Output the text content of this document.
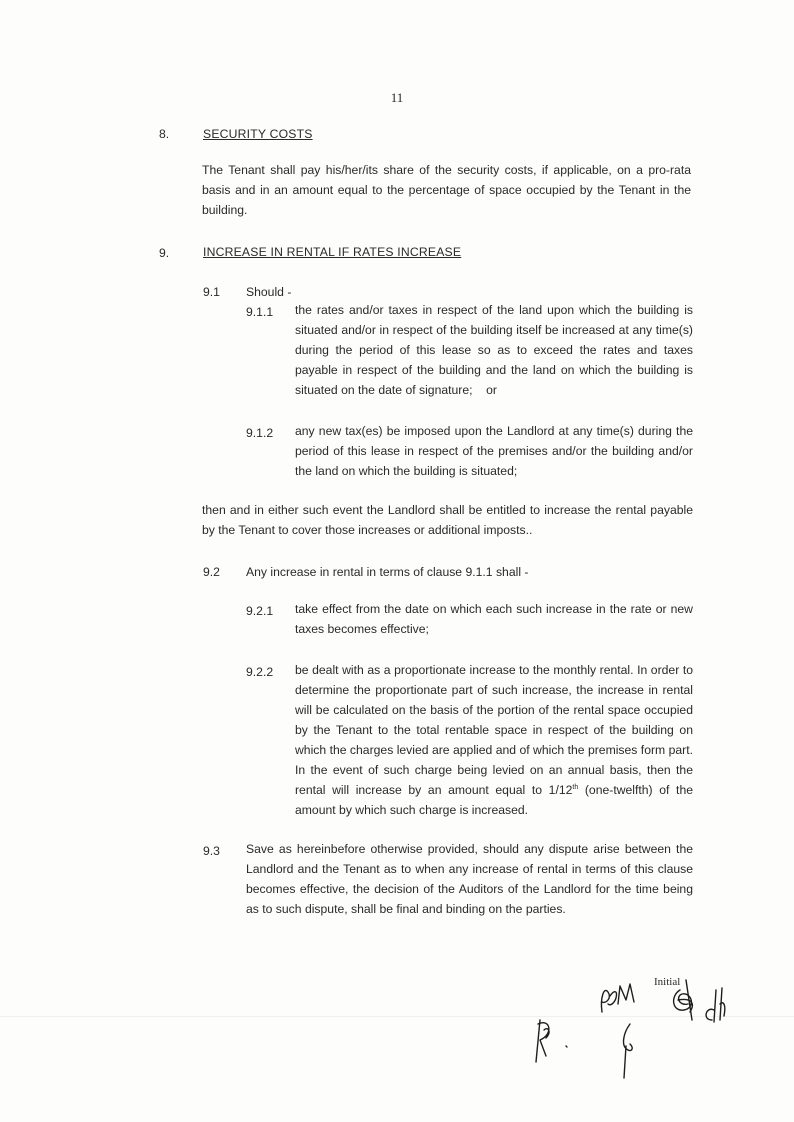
11
8.	SECURITY COSTS

The Tenant shall pay his/her/its share of the security costs, if applicable, on a pro-rata basis and in an amount equal to the percentage of space occupied by the Tenant in the building.

9.	INCREASE IN RENTAL IF RATES INCREASE
9.1 Should -
9.1.1 the rates and/or taxes in respect of the land upon which the building is situated and/or in respect of the building itself be increased at any time(s) during the period of this lease so as to exceed the rates and taxes payable in respect of the building and the land on which the building is situated on the date of signature; or

9.1.2 any new tax(es) be imposed upon the Landlord at any time(s) during the period of this lease in respect of the premises and/or the building and/or the land on which the building is situated;

then and in either such event the Landlord shall be entitled to increase the rental payable by the Tenant to cover those increases or additional imposts..

9.2 Any increase in rental in terms of clause 9.1.1 shall -
9.2.1 take effect from the date on which each such increase in the rate or new taxes becomes effective;

9.2.2 be dealt with as a proportionate increase to the monthly rental. In order to determine the proportionate part of such increase, the increase in rental will be calculated on the basis of the portion of the rental space occupied by the Tenant to the total rentable space in respect of the building on which the charges levied are applied and of which the premises form part. In the event of such charge being levied on an annual basis, then the rental will increase by an amount equal to 1/12th (one-twelfth) of the amount by which such charge is increased.

9.3 Save as hereinbefore otherwise provided, should any dispute arise between the Landlord and the Tenant as to when any increase of rental in terms of this clause becomes effective, the decision of the Auditors of the Landlord for the time being as to such dispute, shall be final and binding on the parties.

Initial
